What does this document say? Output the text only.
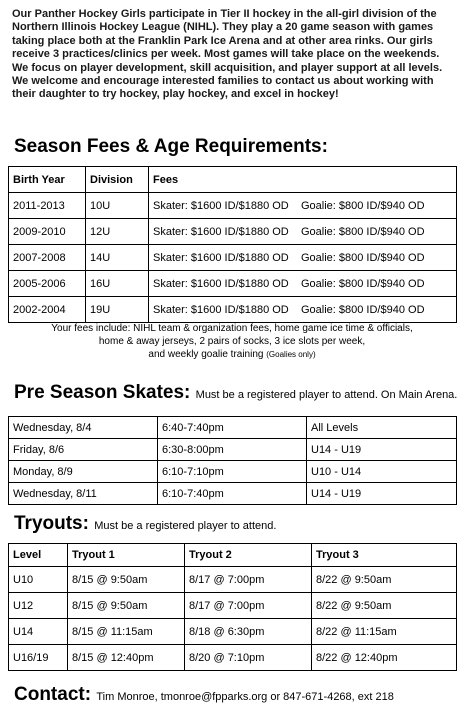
Our Panther Hockey Girls participate in Tier II hockey in the all-girl division of the Northern Illinois Hockey League (NIHL). They play a 20 game season with games taking place both at the Franklin Park Ice Arena and at other area rinks. Our girls receive 3 practices/clinics per week. Most games will take place on the weekends. We focus on player development, skill acquisition, and player support at all levels. We welcome and encourage interested families to contact us about working with their daughter to try hockey, play hockey, and excel in hockey!
Season Fees & Age Requirements:
Birth Year	Division	Fees	
2011-2013	10U	Skater: $1600 ID/$1880 OD	Goalie: $800 ID/$940 OD
2009-2010	12U	Skater: $1600 ID/$1880 OD	Goalie: $800 ID/$940 OD
2007-2008	14U	Skater: $1600 ID/$1880 OD	Goalie: $800 ID/$940 OD
2005-2006	16U	Skater: $1600 ID/$1880 OD	Goalie: $800 ID/$940 OD
2002-2004	19U	Skater: $1600 ID/$1880 OD	Goalie: $800 ID/$940 OD
Your fees include: NIHL team & organization fees, home game ice time & officials,
home & away jerseys, 2 pairs of socks, 3 ice slots per week,
and weekly goalie training (Goalies only)
Pre Season Skates: Must be a registered player to attend. On Main Arena.
Wednesday, 8/4	6:40-7:40pm	All Levels
Friday, 8/6	6:30-8:00pm	U14 - U19
Monday, 8/9	6:10-7:10pm	U10 - U14
Wednesday, 8/11	6:10-7:40pm	U14 - U19
Tryouts: Must be a registered player to attend.
Level	Tryout 1	Tryout 2	Tryout 3
U10	8/15 @ 9:50am	8/17 @ 7:00pm	8/22 @ 9:50am
U12	8/15 @ 9:50am	8/17 @ 7:00pm	8/22 @ 9:50am
U14	8/15 @ 11:15am	8/18 @ 6:30pm	8/22 @ 11:15am
U16/19	8/15 @ 12:40pm	8/20 @ 7:10pm	8/22 @ 12:40pm
Contact: Tim Monroe, tmonroe@fpparks.org or 847-671-4268, ext 218
